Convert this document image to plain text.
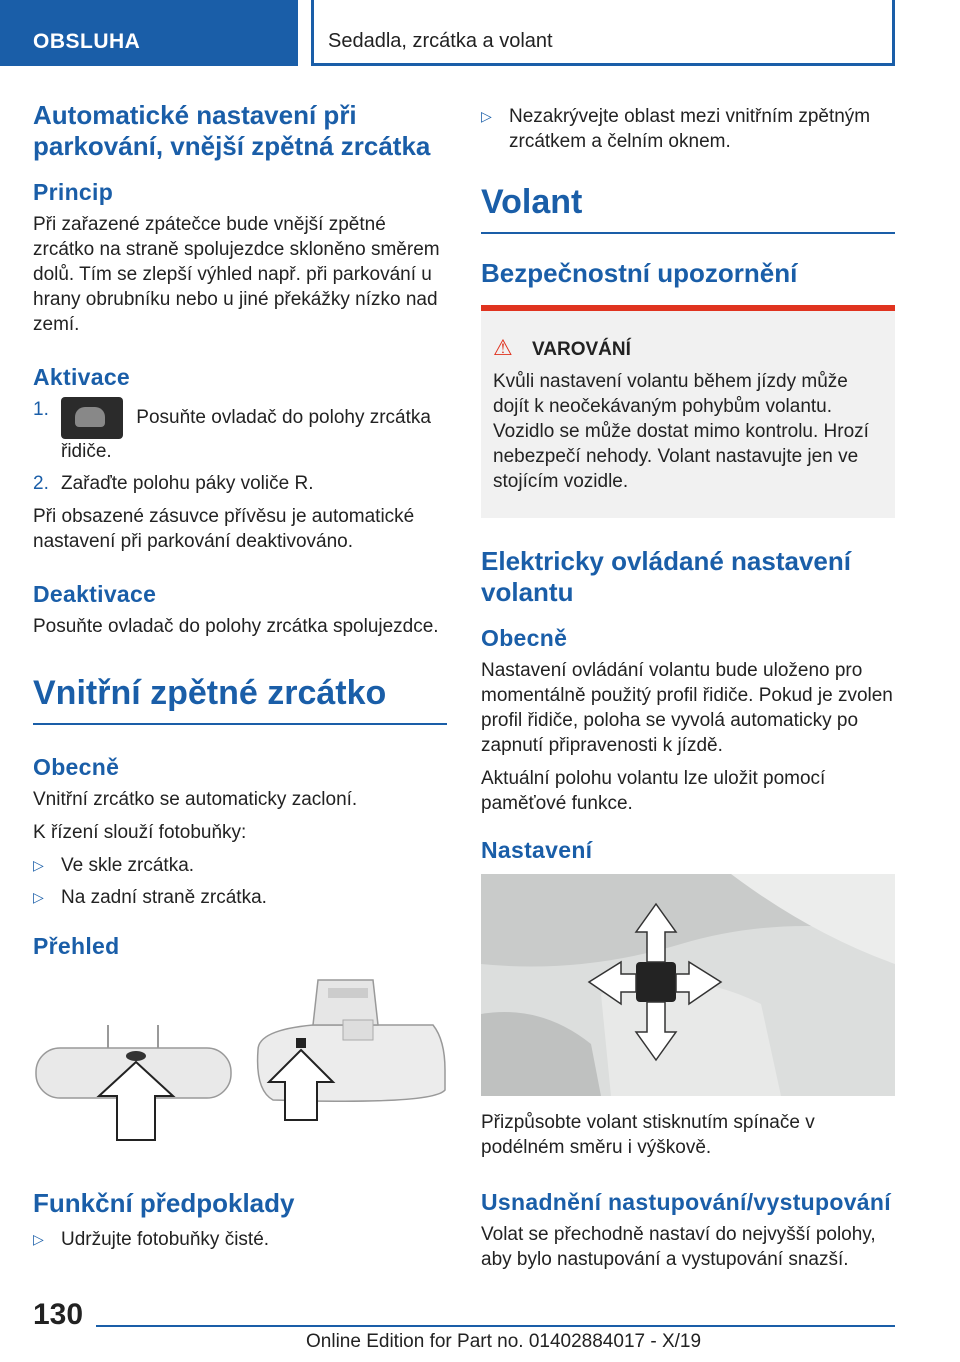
OBSLUHA	Sedadla, zrcátka a volant
Automatické nastavení při parkování, vnější zpětná zrcátka
Princip

Při zařazené zpátečce bude vnější zpětné zrcátko na straně spolujezdce skloněno směrem dolů. Tím se zlepší výhled např. při parkování u hrany obrubníku nebo u jiné překážky nízko nad zemí.

Aktivace
1.	Posuňte ovladač do polohy zrcátka řidiče.
2. Zařaďte polohu páky voliče R.

Při obsazené zásuvce přívěsu je automatické nastavení při parkování deaktivováno.

Deaktivace

Posuňte ovladač do polohy zrcátka spolujezdce.

Vnitřní zpětné zrcátko
Obecně

Vnitřní zrcátko se automaticky zacloní.

K řízení slouží fotobuňky:

▷ Ve skle zrcátka.
▷ Na zadní straně zrcátka.
Přehled
Funkční předpoklady
▷ Udržujte fotobuňky čisté.
▷ Nezakrývejte oblast mezi vnitřním zpětným zrcátkem a čelním oknem.
Volant
Bezpečnostní upozornění
⚠ VAROVÁNÍ

Kvůli nastavení volantu během jízdy může dojít k neočekávaným pohybům volantu. Vozidlo se může dostat mimo kontrolu. Hrozí nebezpečí nehody. Volant nastavujte jen ve stojícím vozidle.

Elektricky ovládané nastavení volantu
Obecně

Nastavení ovládání volantu bude uloženo pro momentálně použitý profil řidiče. Pokud je zvolen profil řidiče, poloha se vyvolá automaticky po zapnutí připravenosti k jízdě.

Aktuální polohu volantu lze uložit pomocí paměťové funkce.

Nastavení

Přizpůsobte volant stisknutím spínače v podélném směru i výškově.

Usnadnění nastupování/vystupování

Volat se přechodně nastaví do nejvyšší polohy, aby bylo nastupování a vystupování snazší.

130
Online Edition for Part no. 01402884017 - X/19
